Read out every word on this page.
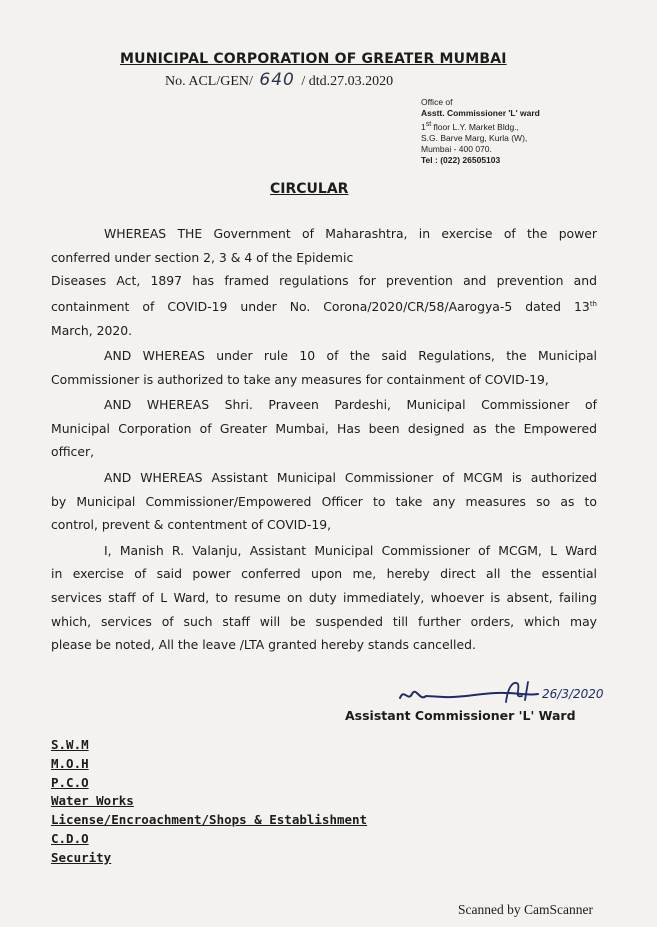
MUNICIPAL CORPORATION OF GREATER MUMBAI
No. ACL/GEN/ 640 / dtd.27.03.2020
Office of
Asstt. Commissioner 'L' ward
1st floor L.Y. Market Bldg.,
S.G. Barve Marg, Kurla (W),
Mumbai - 400 070.
Tel : (022) 26505103
CIRCULAR

WHEREAS THE Government of Maharashtra, in exercise of the power
conferred under section 2, 3 & 4 of the Epidemic
Diseases Act, 1897 has framed regulations for prevention and prevention and
containment of COVID-19 under No. Corona/2020/CR/58/Aarogya-5 dated 13th
March, 2020.

AND WHEREAS under rule 10 of the said Regulations, the Municipal
Commissioner is authorized to take any measures for containment of COVID-19,

AND WHEREAS Shri. Praveen Pardeshi, Municipal Commissioner of
Municipal Corporation of Greater Mumbai, Has been designed as the Empowered
officer,

AND WHEREAS Assistant Municipal Commissioner of MCGM is authorized
by Municipal Commissioner/Empowered Officer to take any measures so as to
control, prevent & contentment of COVID-19,

I, Manish R. Valanju, Assistant Municipal Commissioner of MCGM, L Ward
in exercise of said power conferred upon me, hereby direct all the essential
services staff of L Ward, to resume on duty immediately, whoever is absent, failing
which, services of such staff will be suspended till further orders, which may
please be noted, All the leave /LTA granted hereby stands cancelled.

26/3/2020
Assistant Commissioner 'L' Ward
S.W.M
M.O.H
P.C.O
Water Works
License/Encroachment/Shops & Establishment
C.D.O
Security
Scanned by CamScanner
